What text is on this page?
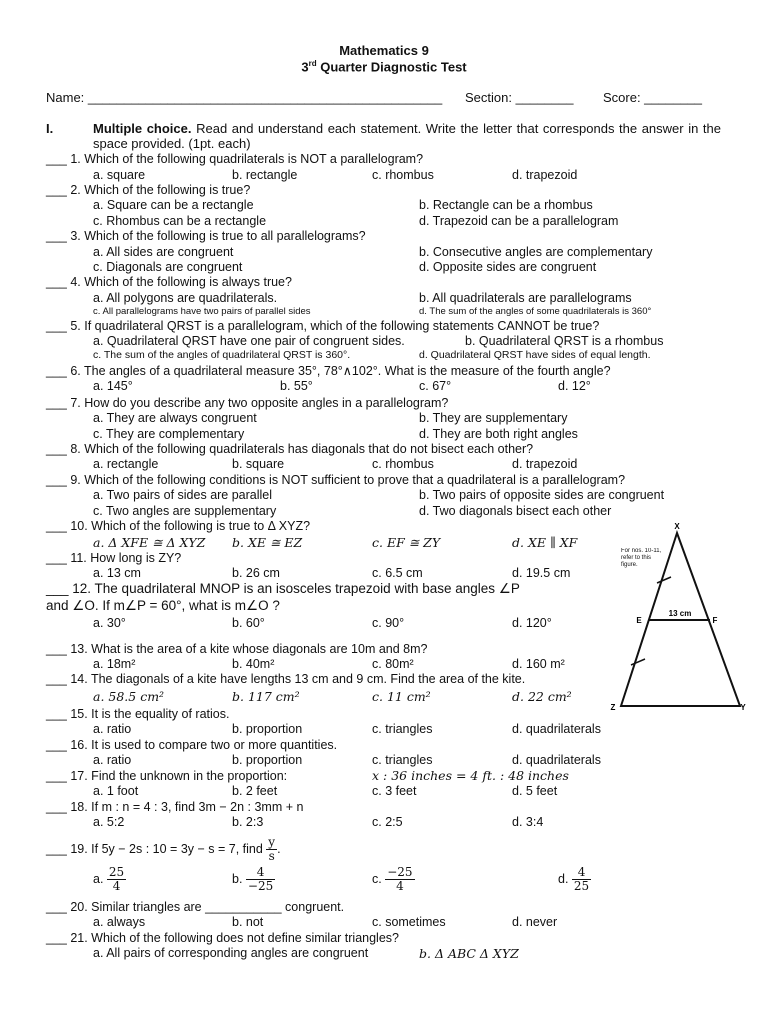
Mathematics 9
3rd Quarter Diagnostic Test
Name: _________________________________________________ Section: ________ Score: ________
I.	Multiple choice. Read and understand each statement. Write the letter that corresponds the answer in the space provided. (1pt. each)
___ 1. Which of the following quadrilaterals is NOT a parallelogram?
a. square	b. rectangle	c. rhombus	d. trapezoid
___ 2. Which of the following is true?
a. Square can be a rectangle	b. Rectangle can be a rhombus
c. Rhombus can be a rectangle	d. Trapezoid can be a parallelogram
___ 3. Which of the following is true to all parallelograms?
a. All sides are congruent	b. Consecutive angles are complementary
c. Diagonals are congruent	d. Opposite sides are congruent
___ 4. Which of the following is always true?
a. All polygons are quadrilaterals.	b. All quadrilaterals are parallelograms
c. All parallelograms have two pairs of parallel sides	d. The sum of the angles of some quadrilaterals is 360°
___ 5. If quadrilateral QRST is a parallelogram, which of the following statements CANNOT be true?
a. Quadrilateral QRST have one pair of congruent sides.	b. Quadrilateral QRST is a rhombus
c. The sum of the angles of quadrilateral QRST is 360°.	d. Quadrilateral QRST have sides of equal length.
___ 6. The angles of a quadrilateral measure 35°, 78°∧102°. What is the measure of the fourth angle?
a. 145°	b. 55°	c. 67°	d. 12°
___ 7. How do you describe any two opposite angles in a parallelogram?
a. They are always congruent	b. They are supplementary
c. They are complementary	d. They are both right angles
___ 8. Which of the following quadrilaterals has diagonals that do not bisect each other?
a. rectangle	b. square	c. rhombus	d. trapezoid
___ 9. Which of the following conditions is NOT sufficient to prove that a quadrilateral is a parallelogram?
a. Two pairs of sides are parallel	b. Two pairs of opposite sides are congruent
c. Two angles are supplementary	d. Two diagonals bisect each other
___ 10. Which of the following is true to Δ XYZ?
a. Δ XFE ≅ Δ XYZ b. XE ≅ EZ	c. EF ≅ ZY	d. XE ∥ XF
___ 11. How long is ZY?
a. 13 cm	b. 26 cm	c. 6.5 cm	d. 19.5 cm
___ 12. The quadrilateral MNOP is an isosceles trapezoid with base angles ∠P
and ∠O. If m∠P = 60°, what is m∠O ?
a. 30°	b. 60°	c. 90°	d. 120°
___ 13. What is the area of a kite whose diagonals are 10m and 8m?
a. 18m²	b. 40m²	c. 80m²	d. 160 m²
___ 14. The diagonals of a kite have lengths 13 cm and 9 cm. Find the area of the kite.
a. 58.5 cm²	b. 117 cm²	c. 11 cm²	d. 22 cm²
___ 15. It is the equality of ratios.
a. ratio	b. proportion	c. triangles	d. quadrilaterals
___ 16. It is used to compare two or more quantities.
a. ratio	b. proportion	c. triangles	d. quadrilaterals
___ 17. Find the unknown in the proportion:	x : 36 inches = 4 ft. : 48 inches
a. 1 foot	b. 2 feet	c. 3 feet	d. 5 feet
___ 18. If m : n = 4 : 3, find 3m − 2n : 3mm + n
a. 5:2	b. 2:3	c. 2:5	d. 3:4
___ 19. If 5y − 2s : 10 = 3y − s = 7, find $\frac{y}{s}$ .
a. $\frac{25}{4}$	b. $\frac{4}{-25}$	c. $\frac{-25}{4}$	d. $\frac{4}{25}$
___ 20. Similar triangles are ___________ congruent.
a. always	b. not	c. sometimes	d. never
___ 21. Which of the following does not define similar triangles?
a. All pairs of corresponding angles are congruent	b. Δ ABC Δ XYZ
X
E	F
Z	Y
13 cm
For nos. 10-11, refer to this figure.
